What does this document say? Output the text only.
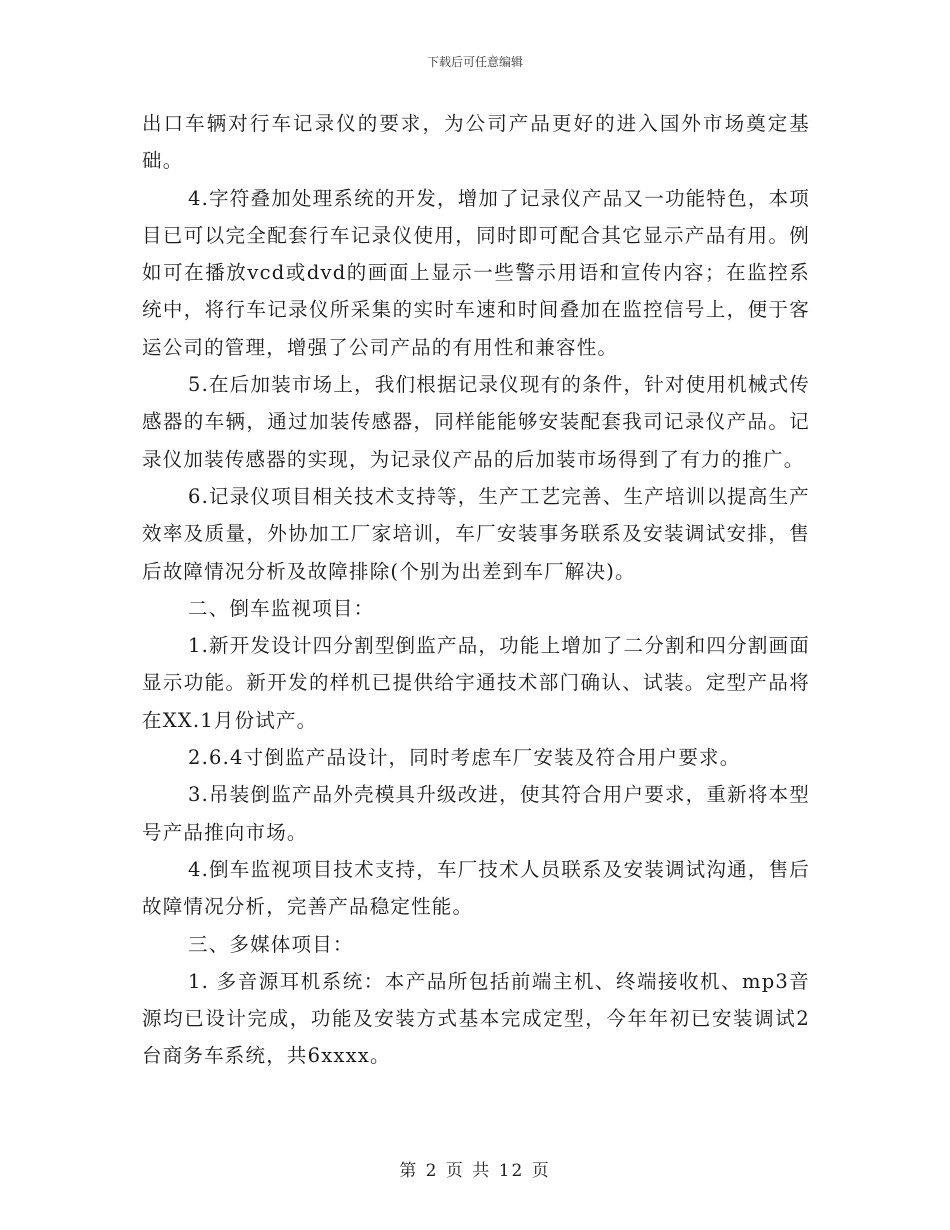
下载后可任意编辑

出口车辆对行车记录仪的要求，为公司产品更好的进入国外市场奠定基础。

4.字符叠加处理系统的开发，增加了记录仪产品又一功能特色，本项目已可以完全配套行车记录仪使用，同时即可配合其它显示产品有用。例如可在播放vcd或dvd的画面上显示一些警示用语和宣传内容；在监控系统中，将行车记录仪所采集的实时车速和时间叠加在监控信号上，便于客运公司的管理，增强了公司产品的有用性和兼容性。

5.在后加装市场上，我们根据记录仪现有的条件，针对使用机械式传感器的车辆，通过加装传感器，同样能能够安装配套我司记录仪产品。记录仪加装传感器的实现，为记录仪产品的后加装市场得到了有力的推广。

6.记录仪项目相关技术支持等，生产工艺完善、生产培训以提高生产效率及质量，外协加工厂家培训，车厂安装事务联系及安装调试安排，售后故障情况分析及故障排除(个别为出差到车厂解决)。

二、倒车监视项目：

1.新开发设计四分割型倒监产品，功能上增加了二分割和四分割画面显示功能。新开发的样机已提供给宇通技术部门确认、试装。定型产品将在XX.1月份试产。

2.6.4寸倒监产品设计，同时考虑车厂安装及符合用户要求。

3.吊装倒监产品外壳模具升级改进，使其符合用户要求，重新将本型号产品推向市场。

4.倒车监视项目技术支持，车厂技术人员联系及安装调试沟通，售后故障情况分析，完善产品稳定性能。

三、多媒体项目：

1. 多音源耳机系统：本产品所包括前端主机、终端接收机、mp3音源均已设计完成，功能及安装方式基本完成定型，今年年初已安装调试2台商务车系统，共6xxxx。

第 2 页 共 12 页
